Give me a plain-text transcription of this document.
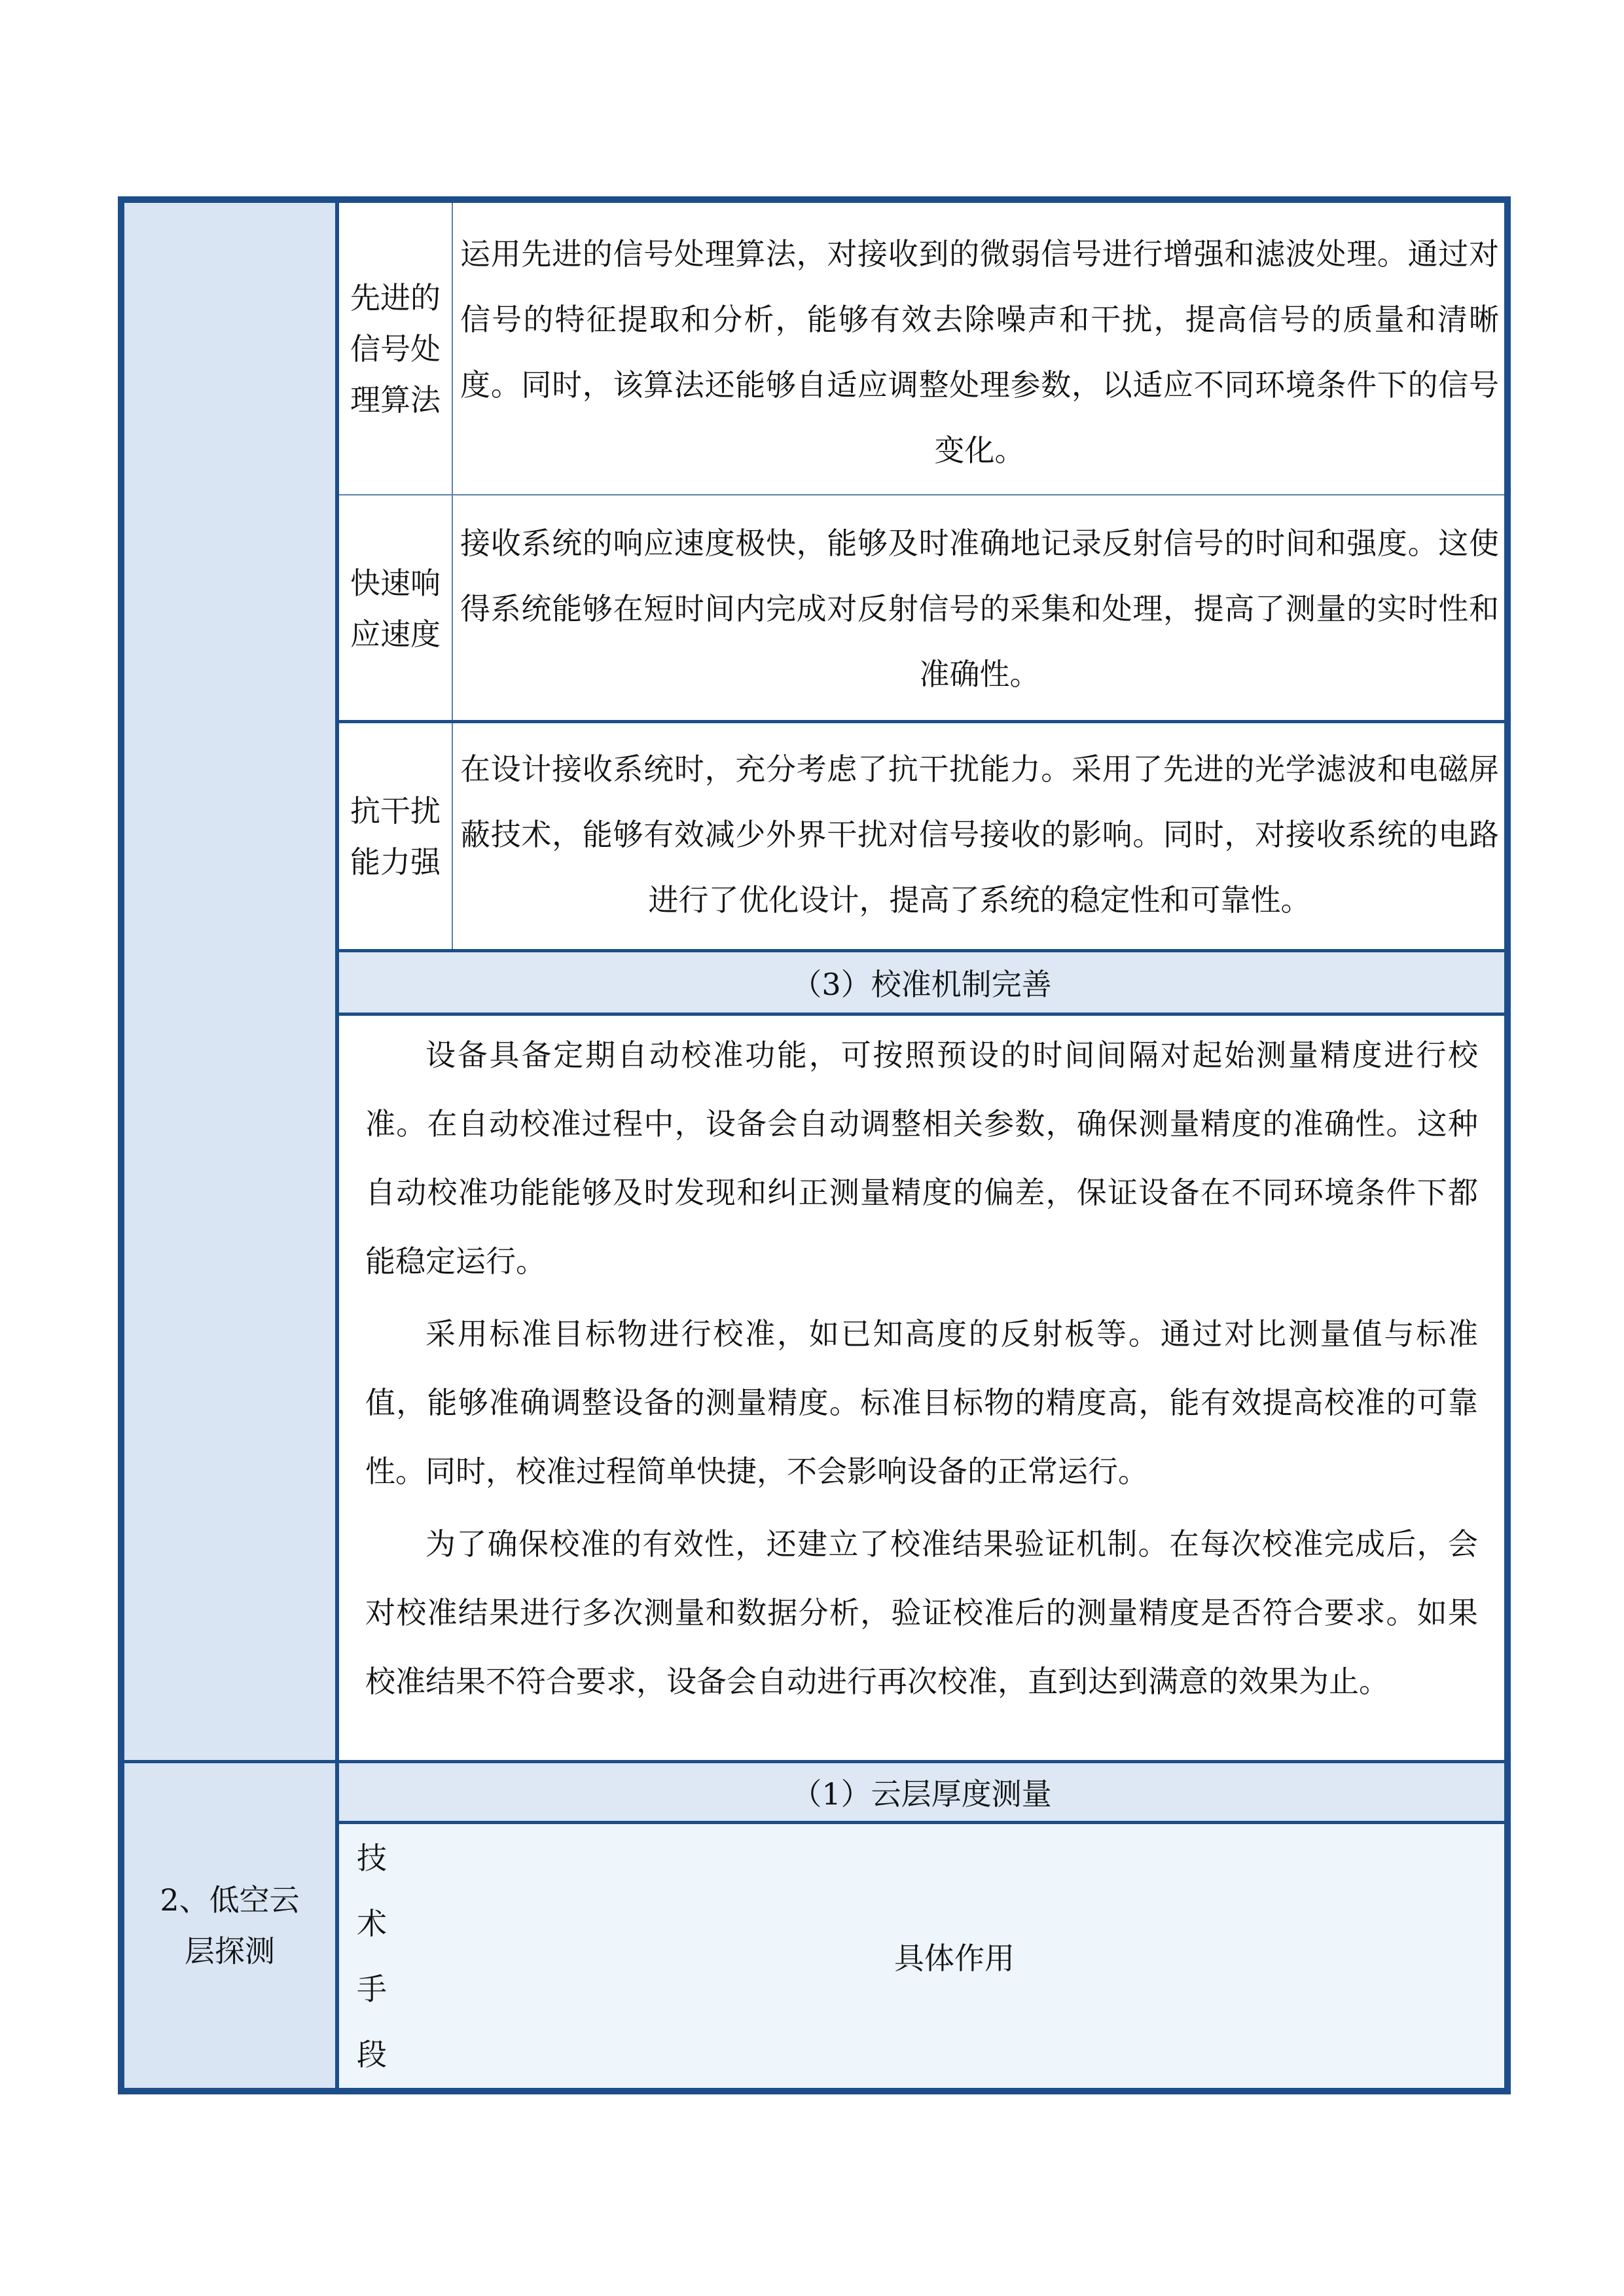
2、低空云层探测
先进的信号处理算法
运用先进的信号处理算法，对接收到的微弱信号进行增强和滤波处理。通过对信号的特征提取和分析，能够有效去除噪声和干扰，提高信号的质量和清晰度。同时，该算法还能够自适应调整处理参数，以适应不同环境条件下的信号变化。
快速响应速度
接收系统的响应速度极快，能够及时准确地记录反射信号的时间和强度。这使得系统能够在短时间内完成对反射信号的采集和处理，提高了测量的实时性和准确性。
抗干扰能力强
在设计接收系统时，充分考虑了抗干扰能力。采用了先进的光学滤波和电磁屏蔽技术，能够有效减少外界干扰对信号接收的影响。同时，对接收系统的电路进行了优化设计，提高了系统的稳定性和可靠性。
（3）校准机制完善

设备具备定期自动校准功能，可按照预设的时间间隔对起始测量精度进行校准。在自动校准过程中，设备会自动调整相关参数，确保测量精度的准确性。这种自动校准功能能够及时发现和纠正测量精度的偏差，保证设备在不同环境条件下都能稳定运行。

采用标准目标物进行校准，如已知高度的反射板等。通过对比测量值与标准值，能够准确调整设备的测量精度。标准目标物的精度高，能有效提高校准的可靠性。同时，校准过程简单快捷，不会影响设备的正常运行。

为了确保校准的有效性，还建立了校准结果验证机制。在每次校准完成后，会对校准结果进行多次测量和数据分析，验证校准后的测量精度是否符合要求。如果校准结果不符合要求，设备会自动进行再次校准，直到达到满意的效果为止。

（1）云层厚度测量
技
术
手
段
具体作用
